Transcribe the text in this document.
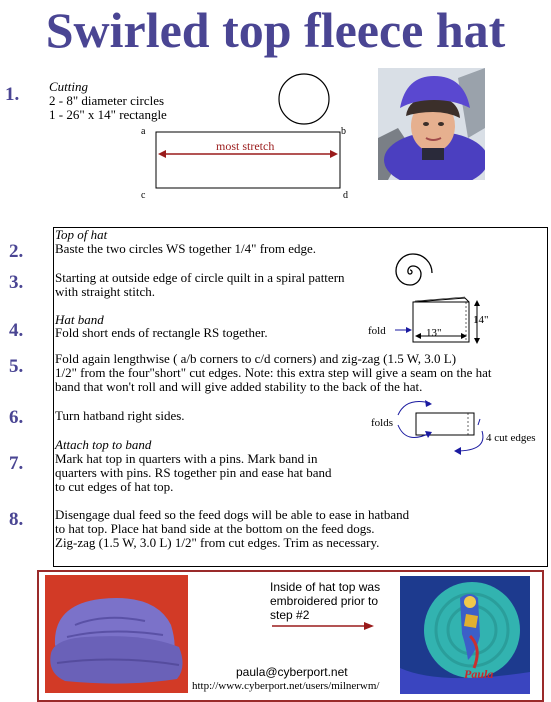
Swirled top fleece hat
1.
2.
3.
4.
5.
6.
7.
8.
Cutting
2 - 8" diameter circles
1 - 26" x 14" rectangle
a	b
c	d
most stretch
Top of hat
Baste the two circles WS together 1/4" from edge.
Starting at outside edge of circle quilt in a spiral pattern
with straight stitch.
Hat band
Fold short ends of rectangle RS together.	fold	13"
14"
Fold again lengthwise ( a/b corners to c/d corners) and zig-zag (1.5 W, 3.0 L)
1/2" from the four"short" cut edges. Note: this extra step will give a seam on the hat
band that won't roll and will give added stability to the back of the hat.
Turn hatband right sides.	folds
4 cut edges
Attach top to band
Mark hat top in quarters with a pins. Mark band in
quarters with pins. RS together pin and ease hat band
to cut edges of hat top.
Disengage dual feed so the feed dogs will be able to ease in hatband
to hat top. Place hat band side at the bottom on the feed dogs.
Zig-zag (1.5 W, 3.0 L) 1/2" from cut edges. Trim as necessary.
Inside of hat top was
embroidered prior to
step #2
paula@cyberport.net
http://www.cyberport.net/users/milnerwm/
Paula
